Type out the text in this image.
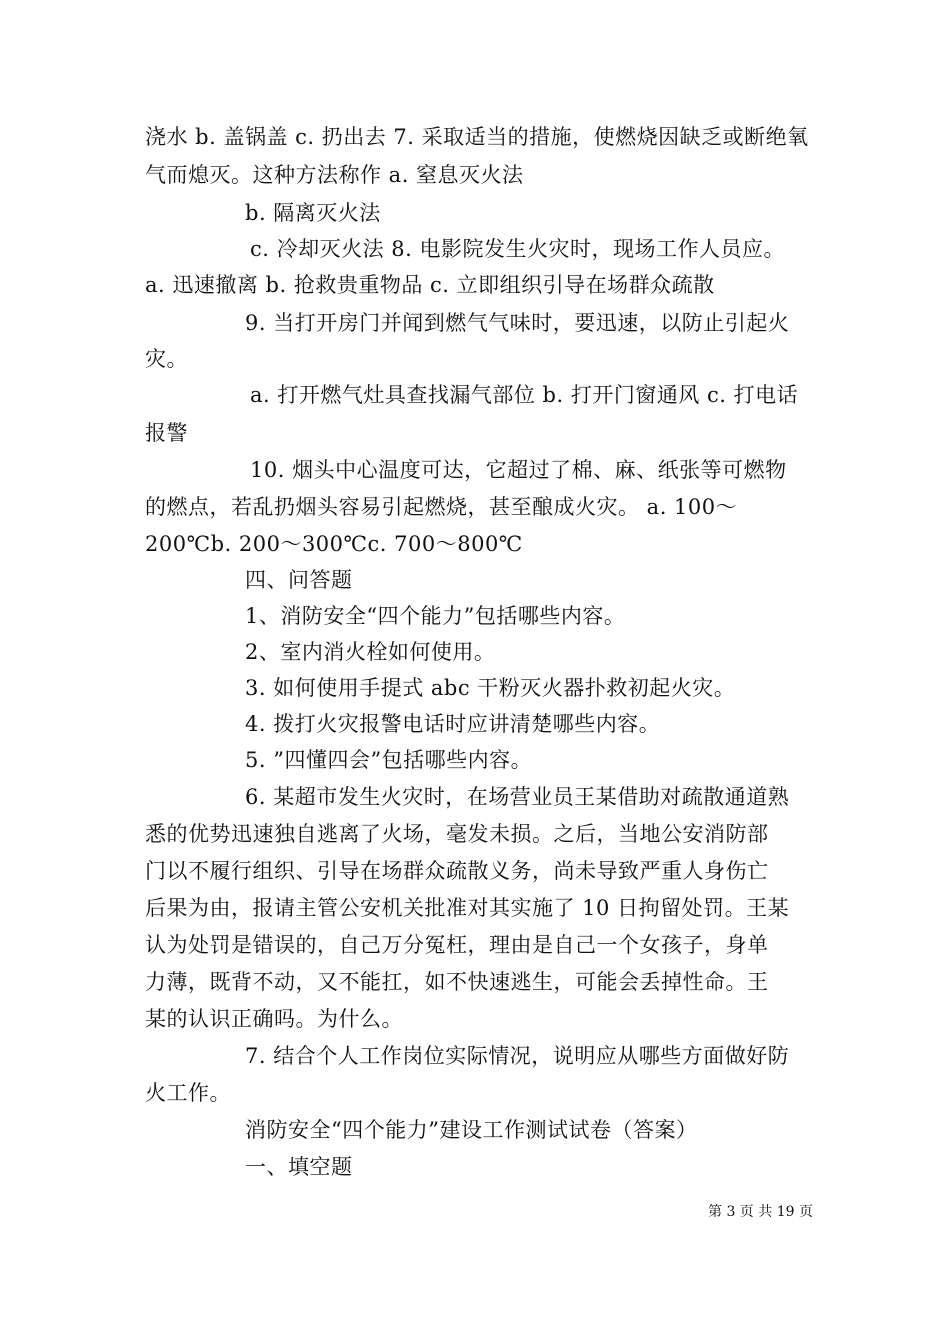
浇水 b. 盖锅盖 c. 扔出去 7. 采取适当的措施，使燃烧因缺乏或断绝氧
气而熄灭。这种方法称作 a. 窒息灭火法
b. 隔离灭火法
c. 冷却灭火法 8. 电影院发生火灾时，现场工作人员应。
a. 迅速撤离 b. 抢救贵重物品 c. 立即组织引导在场群众疏散
9. 当打开房门并闻到燃气气味时，要迅速，以防止引起火
灾。
a. 打开燃气灶具查找漏气部位 b. 打开门窗通风 c. 打电话
报警
10. 烟头中心温度可达，它超过了棉、麻、纸张等可燃物
的燃点，若乱扔烟头容易引起燃烧，甚至酿成火灾。 a. 100～
200℃b. 200～300℃c. 700～800℃
四、问答题
1、消防安全“四个能力”包括哪些内容。
2、室内消火栓如何使用。
3. 如何使用手提式 abc 干粉灭火器扑救初起火灾。
4. 拨打火灾报警电话时应讲清楚哪些内容。
5. ”四懂四会”包括哪些内容。
6. 某超市发生火灾时，在场营业员王某借助对疏散通道熟
悉的优势迅速独自逃离了火场，毫发未损。之后，当地公安消防部
门以不履行组织、引导在场群众疏散义务，尚未导致严重人身伤亡
后果为由，报请主管公安机关批准对其实施了 10 日拘留处罚。王某
认为处罚是错误的，自己万分冤枉，理由是自己一个女孩子，身单
力薄，既背不动，又不能扛，如不快速逃生，可能会丢掉性命。王
某的认识正确吗。为什么。
7. 结合个人工作岗位实际情况，说明应从哪些方面做好防
火工作。
消防安全“四个能力”建设工作测试试卷（答案）
一、填空题
第 3 页 共 19 页
